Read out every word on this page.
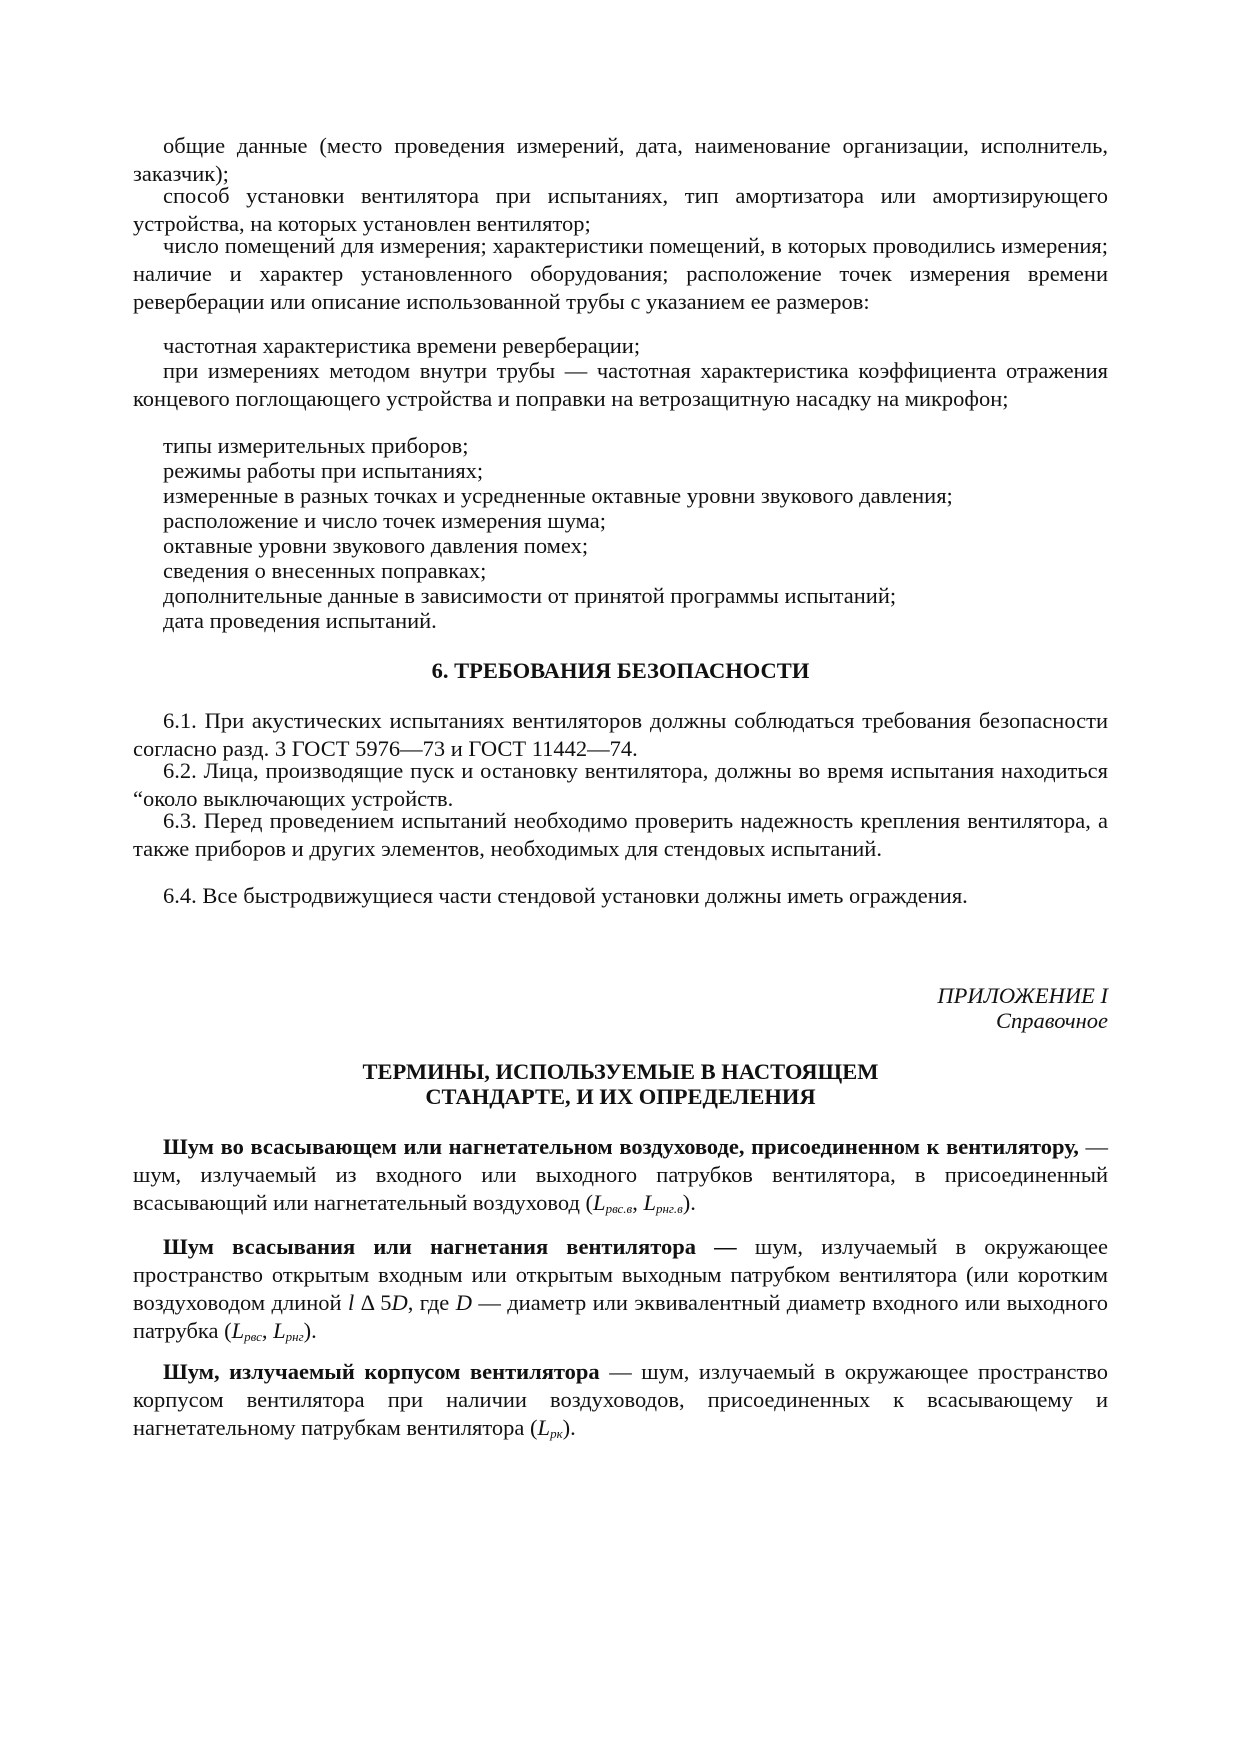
общие данные (место проведения измерений, дата, наименование организации, исполнитель, заказчик);

способ установки вентилятора при испытаниях, тип амортизатора или амортизирующего устройства, на которых установлен вентилятор;

число помещений для измерения; характеристики помещений, в которых проводились измерения; наличие и характер установленного оборудования; расположение точек измерения времени реверберации или описание использованной трубы с указанием ее размеров:

частотная характеристика времени реверберации;

при измерениях методом внутри трубы — частотная характеристика коэффициента отражения концевого поглощающего устройства и поправки на ветрозащитную насадку на микрофон;

типы измерительных приборов;

режимы работы при испытаниях;

измеренные в разных точках и усредненные октавные уровни звукового давления;

расположение и число точек измерения шума;

октавные уровни звукового давления помех;

сведения о внесенных поправках;

дополнительные данные в зависимости от принятой программы испытаний;

дата проведения испытаний.

6. ТРЕБОВАНИЯ БЕЗОПАСНОСТИ

6.1. При акустических испытаниях вентиляторов должны соблюдаться требования безопасности согласно разд. 3 ГОСТ 5976—73 и ГОСТ 11442—74.

6.2. Лица, производящие пуск и остановку вентилятора, должны во время испытания находиться “около выключающих устройств.

6.3. Перед проведением испытаний необходимо проверить надежность крепления вентилятора, а также приборов и других элементов, необходимых для стендовых испытаний.

6.4. Все быстродвижущиеся части стендовой установки должны иметь ограждения.

ПРИЛОЖЕНИЕ I

Справочное

ТЕРМИНЫ, ИСПОЛЬЗУЕМЫЕ В НАСТОЯЩЕМ

СТАНДАРТЕ, И ИХ ОПРЕДЕЛЕНИЯ

Шум во всасывающем или нагнетательном воздуховоде, присоединенном к вентилятору, — шум, излучаемый из входного или выходного патрубков вентилятора, в присоединенный всасывающий или нагнетательный воздуховод ($L_{рвс.в}$, $L_{рнг.в}$).

Шум всасывания или нагнетания вентилятора — шум, излучаемый в окружающее пространство открытым входным или открытым выходным патрубком вентилятора (или коротким воздуховодом длиной l Δ 5D, где D — диаметр или эквивалентный диаметр входного или выходного патрубка ($L_{рвс}$, $L_{рнг}$).

Шум, излучаемый корпусом вентилятора — шум, излучаемый в окружающее пространство корпусом вентилятора при наличии воздуховодов, присоединенных к всасывающему и нагнетательному патрубкам вентилятора $(L_{рк})$.
